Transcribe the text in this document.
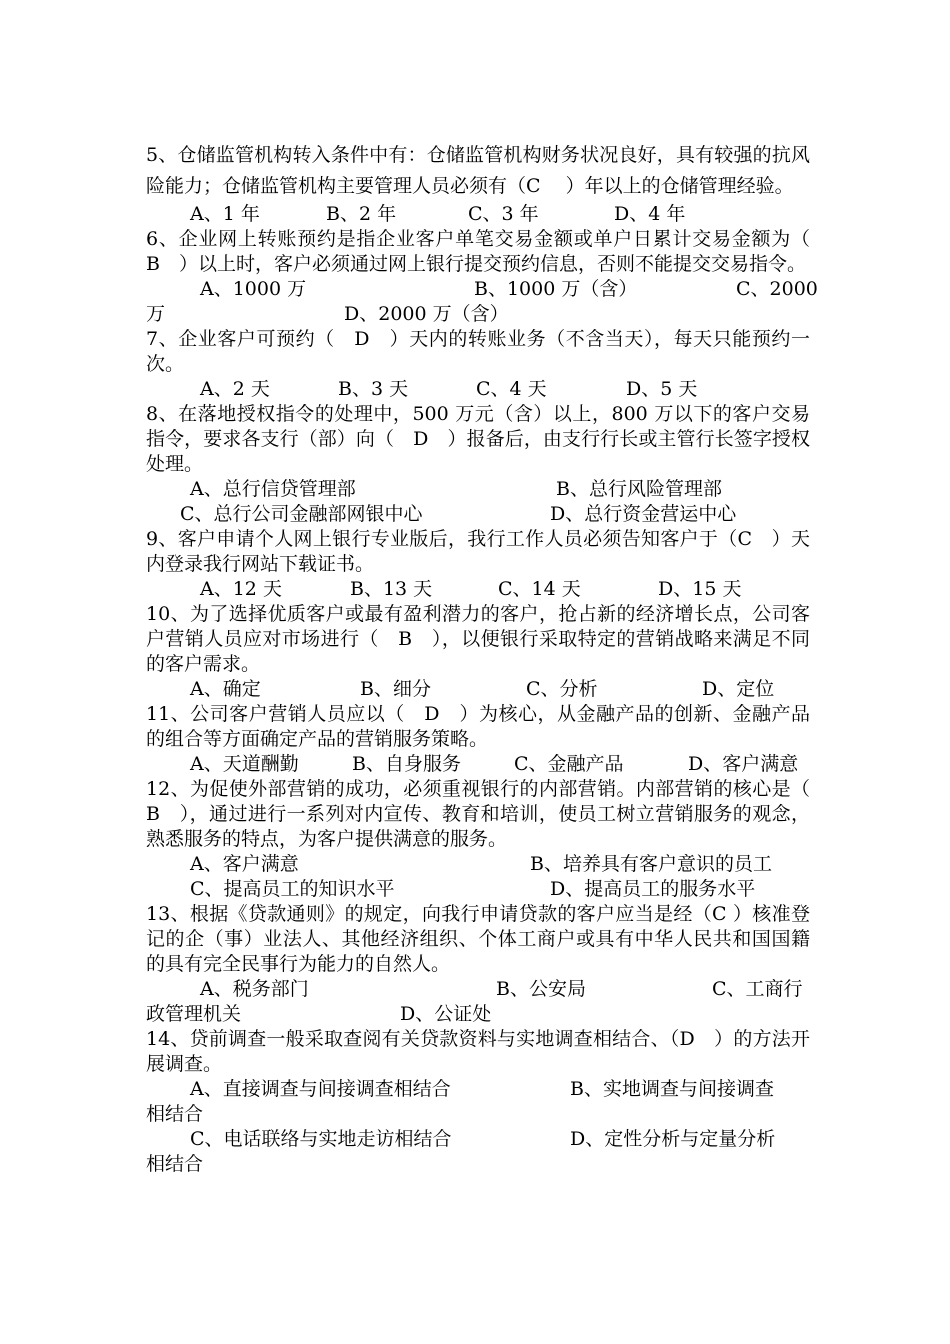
5、仓储监管机构转入条件中有：仓储监管机构财务状况良好，具有较强的抗风险能力；仓储监管机构主要管理人员必须有（C　 ）年以上的仓储管理经验。

A、1 年	B、2 年	C、3 年	D、4 年

6、企业网上转账预约是指企业客户单笔交易金额或单户日累计交易金额为（　B　）以上时，客户必须通过网上银行提交预约信息，否则不能提交交易指令。

A、1000 万	B、1000 万（含）	C、2000
万	D、2000 万（含）

7、企业客户可预约（　D　）天内的转账业务（不含当天），每天只能预约一次。

A、2 天	B、3 天	C、4 天	D、5 天

8、在落地授权指令的处理中，500 万元（含）以上，800 万以下的客户交易指令，要求各支行（部）向（　D　）报备后，由支行行长或主管行长签字授权处理。

A、总行信贷管理部	B、总行风险管理部
C、总行公司金融部网银中心	D、总行资金营运中心

9、客户申请个人网上银行专业版后，我行工作人员必须告知客户于（C　）天内登录我行网站下载证书。

A、12 天	B、13 天	C、14 天	D、15 天

10、为了选择优质客户或最有盈利潜力的客户，抢占新的经济增长点，公司客户营销人员应对市场进行（　B　），以便银行采取特定的营销战略来满足不同的客户需求。

A、确定	B、细分	C、分析	D、定位

11、公司客户营销人员应以（　D　）为核心，从金融产品的创新、金融产品的组合等方面确定产品的营销服务策略。

A、天道酬勤	B、自身服务	C、金融产品	D、客户满意

12、为促使外部营销的成功，必须重视银行的内部营销。内部营销的核心是（　B　），通过进行一系列对内宣传、教育和培训，使员工树立营销服务的观念，熟悉服务的特点，为客户提供满意的服务。

A、客户满意	B、培养具有客户意识的员工
C、提高员工的知识水平	D、提高员工的服务水平

13、根据《贷款通则》的规定，向我行申请贷款的客户应当是经（C ）核准登记的企（事）业法人、其他经济组织、个体工商户或具有中华人民共和国国籍的具有完全民事行为能力的自然人。

A、税务部门	B、公安局	C、工商行
政管理机关	D、公证处

14、贷前调查一般采取查阅有关贷款资料与实地调查相结合、（D　）的方法开展调查。

A、直接调查与间接调查相结合	B、实地调查与间接调查
相结合
C、电话联络与实地走访相结合	D、定性分析与定量分析
相结合
